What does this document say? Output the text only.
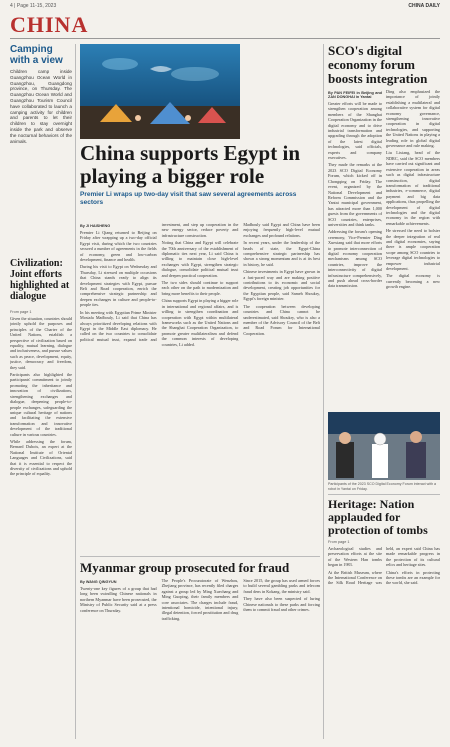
4 | Page 11-15, 2023	CHINA DAILY
CHINA
Camping with a view
Children camp inside Guangzhou Ocean World in Guangzhou, Guangdong province, on Thursday. The Guangzhou Ocean World and Guangzhou Tourism Council have collaborated to launch a camping activity for children and parents to let their children to stay overnight inside the park and observe the nocturnal behaviors of the animals.
Civilization: Joint efforts highlighted at dialogue
From page 1

Given the situation, countries should jointly uphold the purposes and principles of the Charter of the United Nations, establish a perspective of civilization based on equality, mutual learning, dialogue and inclusiveness, and pursue values such as peace, development, equity, justice, democracy and freedom, they said.

Participants also highlighted the participants' commitment to jointly promoting the inheritance and innovation of civilizations, strengthening exchanges and dialogue, deepening people-to-people exchanges, safeguarding the unique cultural heritage of nations and facilitating the extensive transformation and innovative development of the traditional culture in various countries.

While addressing the forum, Bernard Dubois, an expert at the National Institute of Oriental Languages and Civilizations, said that it is essential to respect the diversity of civilizations and uphold the principle of equality.

China supports Egypt in playing a bigger role
Premier Li wraps up two-day visit that saw several agreements across sectors
By JI HAISHENG

Premier Li Qiang returned to Beijing on Friday after wrapping up a two-day official Egypt visit, during which the two countries secured a number of agreements in the fields of economy, green and low-carbon development, finance and health.

During his visit to Egypt on Wednesday and Thursday, Li stressed on multiple occasions that China stands ready to align its development strategies with Egypt, pursue Belt and Road cooperation, enrich the comprehensive strategic partnership and deepen exchanges in culture and people-to-people ties.

In his meeting with Egyptian Prime Minister Mostafa Madbouly, Li said that China has always prioritized developing relations with Egypt in the Middle East diplomacy. He called on the two countries to consolidate political mutual trust, expand trade and investment, and step up cooperation in the new energy sector, reduce poverty and infrastructure construction.

Noting that China and Egypt will celebrate the 70th anniversary of the establishment of diplomatic ties next year, Li said China is willing to maintain close high-level exchanges with Egypt, strengthen strategic dialogue, consolidate political mutual trust and deepen practical cooperation.

The two sides should continue to support each other on the path to modernization and bring more benefits to their people.

China supports Egypt in playing a bigger role in international and regional affairs, and is willing to strengthen coordination and cooperation with Egypt within multilateral frameworks such as the United Nations and the Shanghai Cooperation Organization, to promote greater multilateralism and defend the common interests of developing countries, Li added.

Madbouly said Egypt and China have been enjoying frequently high-level mutual exchanges and profound relations.

In recent years, under the leadership of the heads of state, the Egypt-China comprehensive strategic partnership has shown a strong momentum and is at its best in history, he said.

Chinese investments in Egypt have grown in a fast-paced way and are making positive contributions to its economic and social development, creating job opportunities for the Egyptian people, said Sameh Shoukry, Egypt's foreign minister.

The cooperation between developing countries and China cannot be underestimated, said Shoukry, who is also a member of the Advisory Council of the Belt and Road Forum for International Cooperation.

Myanmar group prosecuted for fraud
By WANG QINGYUN

Twenty-one key figures of a group that had long been swindling Chinese nationals in northern Myanmar have been prosecuted, the Ministry of Public Security said at a press conference on Thursday.

The People's Procuratorate of Wenzhou, Zhejiang province, has recently filed charges against a group led by Ming Xuechang and Ming Guoping, their family members and core associates. The charges include fraud, intentional homicide, intentional injury, illegal detention, forced prostitution and drug trafficking.

Since 2015, the group has used armed forces to build several gambling parks and telecom fraud dens in Kokang, the ministry said.

They have also been suspected of luring Chinese nationals to these parks and forcing them to commit fraud and other crimes.

SCO's digital economy forum boosts integration
By PAN FEIFEI in Beijing and ZAN DONGHAI in Yantai

Greater efforts will be made to strengthen cooperation among members of the Shanghai Cooperation Organization in the digital economy and to drive industrial transformation and upgrading through the adoption of the latest digital technologies, said officials, experts and company executives.

They made the remarks at the 2023 SCO Digital Economy Forum, which kicked off in Chongqing on Friday. The event, organized by the National Development and Reform Commission and the Yantai municipal government, has attracted more than 1,000 guests from the governments of SCO countries, enterprises, universities and think tanks.

Addressing the forum's opening ceremony, Vice-Premier Ding Xuexiang said that more efforts to promote interconnection of digital economy cooperation mechanisms among SCO countries, improve the interconnectivity of digital infrastructure comprehensively, and push ahead cross-border data transmission.

Ding also emphasized the importance of jointly establishing a multilateral and collaborative system for digital economy governance, strengthening innovative cooperation in digital technologies, and supporting the United Nations in playing a leading role in global digital governance and rule making.

Liu Lixiang, head of the NDRC, said the SCO members have carried out significant and extensive cooperation in areas such as digital infrastructure construction, digital transformation of traditional industries, e-commerce, digital payment and big data applications, thus propelling the development of digital technologies and the digital economy in the region with remarkable achievements.

He stressed the need to bolster the deeper integration of real and digital economies, saying there is ample cooperation scope among SCO countries to leverage digital technologies to empower industrial development.

The digital economy is currently becoming a new growth engine.

Participants of the 2023 SCO Digital Economy Forum interact with a robot in Yantai on Friday.
Heritage: Nation applauded for protection of tombs
From page 1

Archaeological studies and preservation efforts at the site of the Western Han tombs began in 1983.

At the British Museum, where the International Conference on the Silk Road Heritage was held, an expert said China has made remarkable progress in the protection of its cultural relics and heritage sites.

China's efforts in protecting these tombs are an example for the world, she said.
